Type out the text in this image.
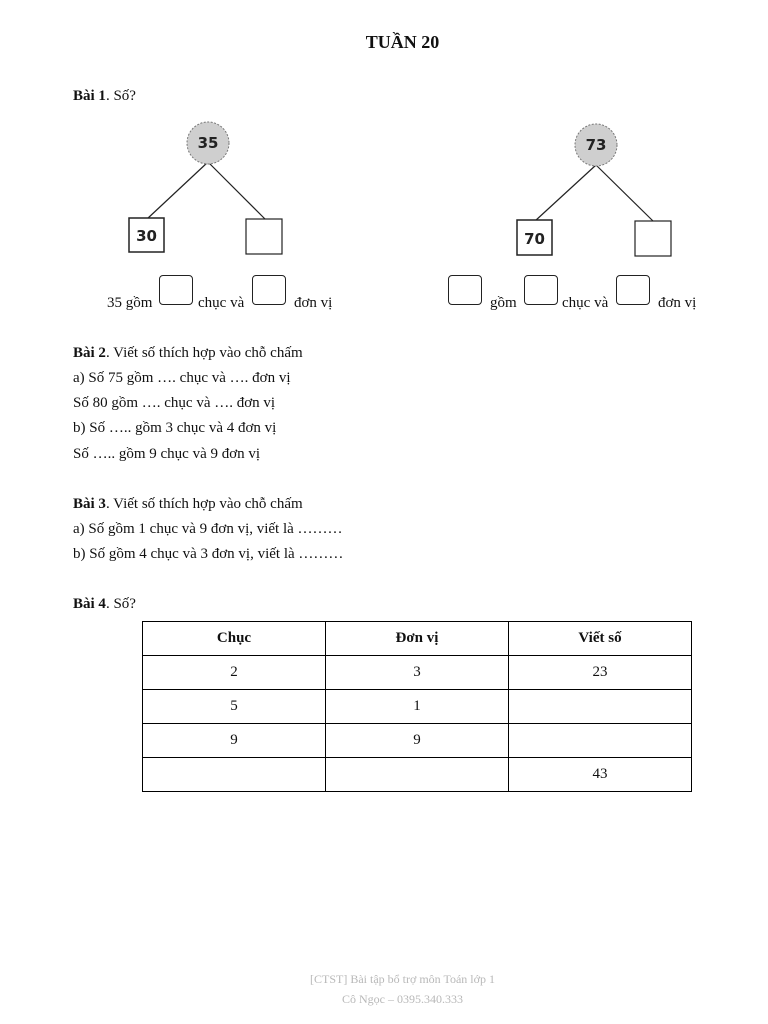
TUẦN 20
Bài 1. Số?
35
30
73
70
35 gồm	chục và	đơn vị	gồm	chục và	đơn vị
Bài 2. Viết số thích hợp vào chỗ chấm
a) Số 75 gồm …. chục và …. đơn vị
Số 80 gồm …. chục và …. đơn vị
b) Số ….. gồm 3 chục và 4 đơn vị
Số ….. gồm 9 chục và 9 đơn vị
Bài 3. Viết số thích hợp vào chỗ chấm
a) Số gồm 1 chục và 9 đơn vị, viết là ………
b) Số gồm 4 chục và 3 đơn vị, viết là ………
Bài 4. Số?
Chục	Đơn vị	Viết số
2	3	23
5	1	
9	9	
		43
[CTST] Bài tập bổ trợ môn Toán lớp 1
Cô Ngọc – 0395.340.333
